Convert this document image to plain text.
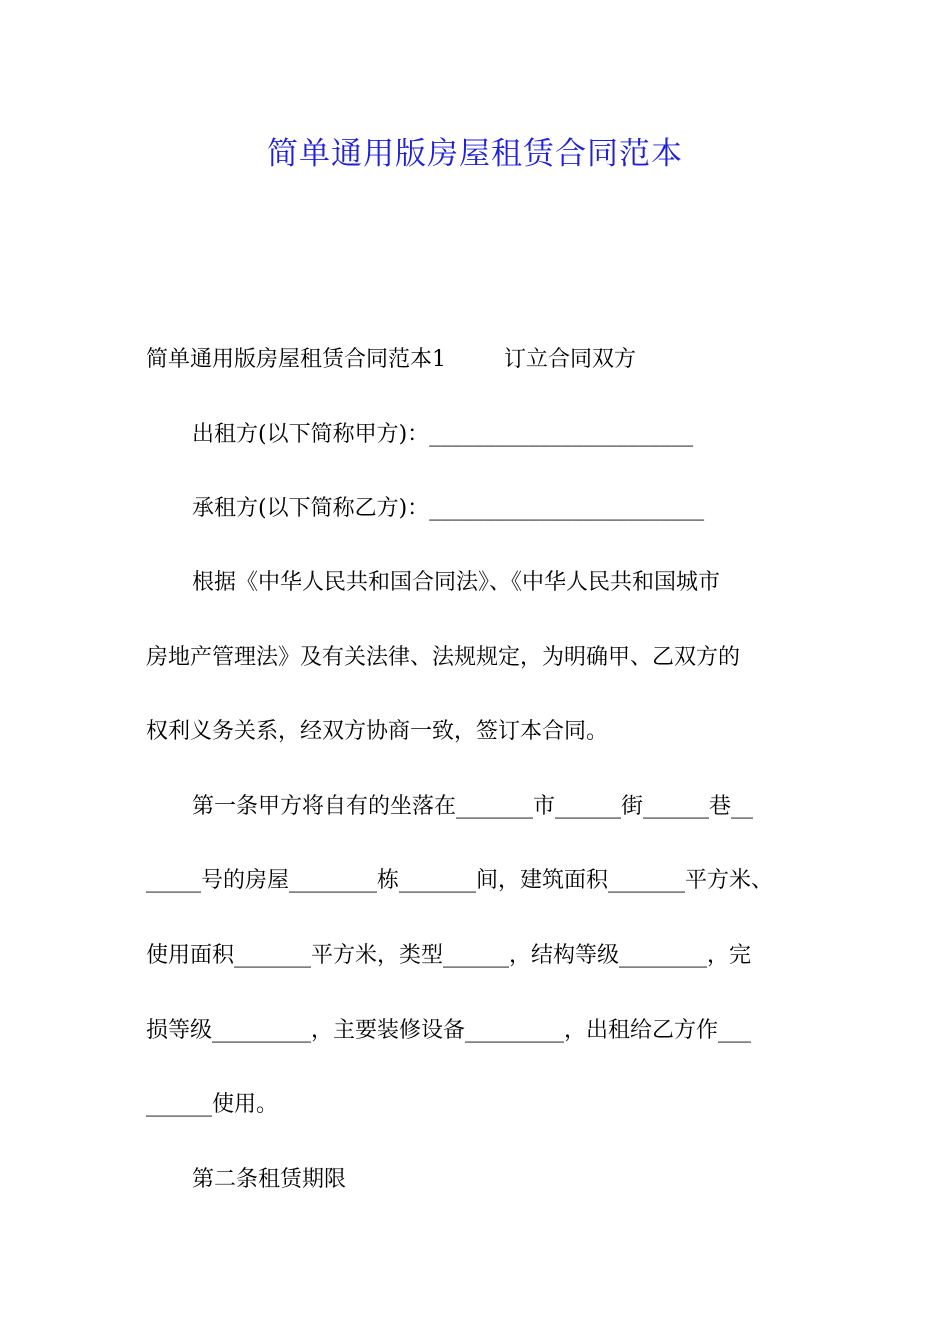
简单通用版房屋租赁合同范本
简单通用版房屋租赁合同范本1	订立合同双方
出租方(以下简称甲方)：________________________
承租方(以下简称乙方)：_________________________
根据《中华人民共和国合同法》、《中华人民共和国城市
房地产管理法》及有关法律、法规规定，为明确甲、乙双方的
权利义务关系，经双方协商一致，签订本合同。
第一条甲方将自有的坐落在_______市______街______巷__
_____号的房屋________栋_______间，建筑面积_______平方米、
使用面积_______平方米，类型______，结构等级________，完
损等级_________，主要装修设备_________，出租给乙方作___
______使用。
第二条租赁期限
